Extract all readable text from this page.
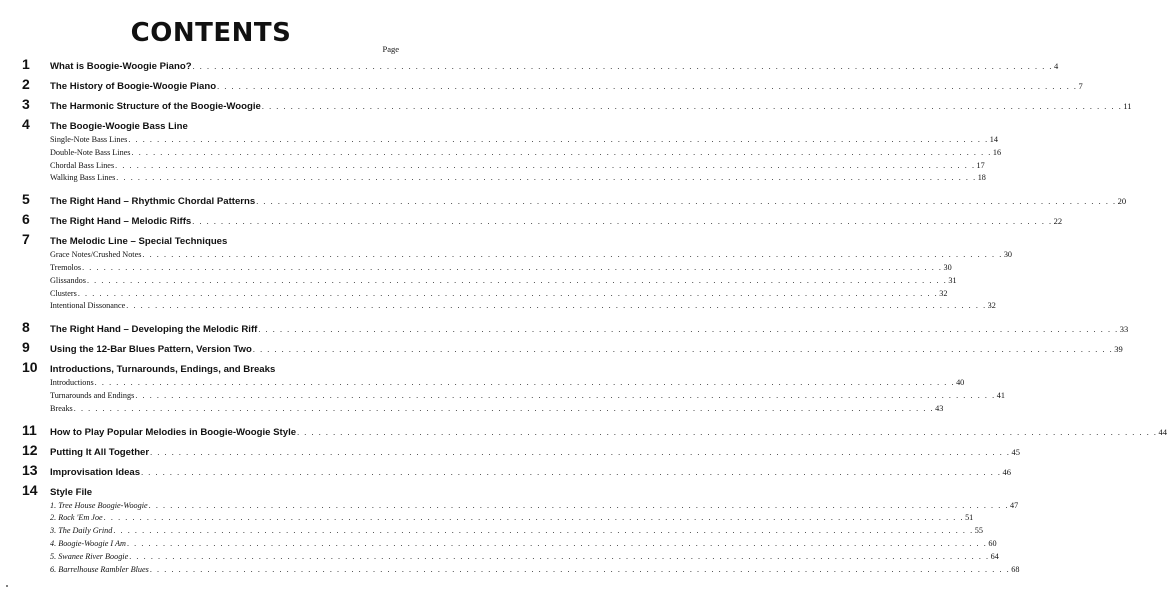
CONTENTS
Page
1	What is Boogie-Woogie Piano? . . . . . . . . . . . . . . . . . . . . . . . . . . . . . . . . . . . . . . . . . . . . . . . . . . . . . . . . . . . . . . . . . . . . . . . . . . . . . . . . . . . . . . . . . . . . . . . . . . . . . . . . . . . . . . . . . . . . . . . . 4
2	The History of Boogie-Woogie Piano . . . . . . . . . . . . . . . . . . . . . . . . . . . . . . . . . . . . . . . . . . . . . . . . . . . . . . . . . . . . . . . . . . . . . . . . . . . . . . . . . . . . . . . . . . . . . . . . . . . . . . . . . . . . . . . . . . . . . . . . 7
3	The Harmonic Structure of the Boogie-Woogie . . . . . . . . . . . . . . . . . . . . . . . . . . . . . . . . . . . . . . . . . . . . . . . . . . . . . . . . . . . . . . . . . . . . . . . . . . . . . . . . . . . . . . . . . . . . . . . . . . . . . . . . . . . . . . . . . . . . . . . . 11
4	The Boogie-Woogie Bass Line
Single-Note Bass Lines . . . . . . . . . . . . . . . . . . . . . . . . . . . . . . . . . . . . . . . . . . . . . . . . . . . . . . . . . . . . . . . . . . . . . . . . . . . . . . . . . . . . . . . . . . . . . . . . . . . . . . . . . . . . . . . . . . . . . . . . 14
Double-Note Bass Lines . . . . . . . . . . . . . . . . . . . . . . . . . . . . . . . . . . . . . . . . . . . . . . . . . . . . . . . . . . . . . . . . . . . . . . . . . . . . . . . . . . . . . . . . . . . . . . . . . . . . . . . . . . . . . . . . . . . . . . . . 16
Chordal Bass Lines . . . . . . . . . . . . . . . . . . . . . . . . . . . . . . . . . . . . . . . . . . . . . . . . . . . . . . . . . . . . . . . . . . . . . . . . . . . . . . . . . . . . . . . . . . . . . . . . . . . . . . . . . . . . . . . . . . . . . . . . 17
Walking Bass Lines . . . . . . . . . . . . . . . . . . . . . . . . . . . . . . . . . . . . . . . . . . . . . . . . . . . . . . . . . . . . . . . . . . . . . . . . . . . . . . . . . . . . . . . . . . . . . . . . . . . . . . . . . . . . . . . . . . . . . . . . 18
5	The Right Hand – Rhythmic Chordal Patterns . . . . . . . . . . . . . . . . . . . . . . . . . . . . . . . . . . . . . . . . . . . . . . . . . . . . . . . . . . . . . . . . . . . . . . . . . . . . . . . . . . . . . . . . . . . . . . . . . . . . . . . . . . . . . . . . . . . . . . . . 20
6	The Right Hand – Melodic Riffs . . . . . . . . . . . . . . . . . . . . . . . . . . . . . . . . . . . . . . . . . . . . . . . . . . . . . . . . . . . . . . . . . . . . . . . . . . . . . . . . . . . . . . . . . . . . . . . . . . . . . . . . . . . . . . . . . . . . . . . . 22
7	The Melodic Line – Special Techniques
Grace Notes/Crushed Notes . . . . . . . . . . . . . . . . . . . . . . . . . . . . . . . . . . . . . . . . . . . . . . . . . . . . . . . . . . . . . . . . . . . . . . . . . . . . . . . . . . . . . . . . . . . . . . . . . . . . . . . . . . . . . . . . . . . . . . . . 30
Tremolos . . . . . . . . . . . . . . . . . . . . . . . . . . . . . . . . . . . . . . . . . . . . . . . . . . . . . . . . . . . . . . . . . . . . . . . . . . . . . . . . . . . . . . . . . . . . . . . . . . . . . . . . . . . . . . . . . . . . . . . . 30
Glissandos . . . . . . . . . . . . . . . . . . . . . . . . . . . . . . . . . . . . . . . . . . . . . . . . . . . . . . . . . . . . . . . . . . . . . . . . . . . . . . . . . . . . . . . . . . . . . . . . . . . . . . . . . . . . . . . . . . . . . . . . 31
Clusters . . . . . . . . . . . . . . . . . . . . . . . . . . . . . . . . . . . . . . . . . . . . . . . . . . . . . . . . . . . . . . . . . . . . . . . . . . . . . . . . . . . . . . . . . . . . . . . . . . . . . . . . . . . . . . . . . . . . . . . . 32
Intentional Dissonance . . . . . . . . . . . . . . . . . . . . . . . . . . . . . . . . . . . . . . . . . . . . . . . . . . . . . . . . . . . . . . . . . . . . . . . . . . . . . . . . . . . . . . . . . . . . . . . . . . . . . . . . . . . . . . . . . . . . . . . . 32
8	The Right Hand – Developing the Melodic Riff . . . . . . . . . . . . . . . . . . . . . . . . . . . . . . . . . . . . . . . . . . . . . . . . . . . . . . . . . . . . . . . . . . . . . . . . . . . . . . . . . . . . . . . . . . . . . . . . . . . . . . . . . . . . . . . . . . . . . . . . 33
9	Using the 12-Bar Blues Pattern, Version Two . . . . . . . . . . . . . . . . . . . . . . . . . . . . . . . . . . . . . . . . . . . . . . . . . . . . . . . . . . . . . . . . . . . . . . . . . . . . . . . . . . . . . . . . . . . . . . . . . . . . . . . . . . . . . . . . . . . . . . . . 39
10	Introductions, Turnarounds, Endings, and Breaks
Introductions . . . . . . . . . . . . . . . . . . . . . . . . . . . . . . . . . . . . . . . . . . . . . . . . . . . . . . . . . . . . . . . . . . . . . . . . . . . . . . . . . . . . . . . . . . . . . . . . . . . . . . . . . . . . . . . . . . . . . . . . 40
Turnarounds and Endings . . . . . . . . . . . . . . . . . . . . . . . . . . . . . . . . . . . . . . . . . . . . . . . . . . . . . . . . . . . . . . . . . . . . . . . . . . . . . . . . . . . . . . . . . . . . . . . . . . . . . . . . . . . . . . . . . . . . . . . . 41
Breaks . . . . . . . . . . . . . . . . . . . . . . . . . . . . . . . . . . . . . . . . . . . . . . . . . . . . . . . . . . . . . . . . . . . . . . . . . . . . . . . . . . . . . . . . . . . . . . . . . . . . . . . . . . . . . . . . . . . . . . . . 43
11	How to Play Popular Melodies in Boogie-Woogie Style . . . . . . . . . . . . . . . . . . . . . . . . . . . . . . . . . . . . . . . . . . . . . . . . . . . . . . . . . . . . . . . . . . . . . . . . . . . . . . . . . . . . . . . . . . . . . . . . . . . . . . . . . . . . . . . . . . . . . . . . 44
12	Putting It All Together . . . . . . . . . . . . . . . . . . . . . . . . . . . . . . . . . . . . . . . . . . . . . . . . . . . . . . . . . . . . . . . . . . . . . . . . . . . . . . . . . . . . . . . . . . . . . . . . . . . . . . . . . . . . . . . . . . . . . . . . 45
13	Improvisation Ideas . . . . . . . . . . . . . . . . . . . . . . . . . . . . . . . . . . . . . . . . . . . . . . . . . . . . . . . . . . . . . . . . . . . . . . . . . . . . . . . . . . . . . . . . . . . . . . . . . . . . . . . . . . . . . . . . . . . . . . . . 46
14	Style File
1. Tree House Boogie-Woogie . . . . . . . . . . . . . . . . . . . . . . . . . . . . . . . . . . . . . . . . . . . . . . . . . . . . . . . . . . . . . . . . . . . . . . . . . . . . . . . . . . . . . . . . . . . . . . . . . . . . . . . . . . . . . . . . . . . . . . . . 47
2. Rock 'Em Joe . . . . . . . . . . . . . . . . . . . . . . . . . . . . . . . . . . . . . . . . . . . . . . . . . . . . . . . . . . . . . . . . . . . . . . . . . . . . . . . . . . . . . . . . . . . . . . . . . . . . . . . . . . . . . . . . . . . . . . . . 51
3. The Daily Grind . . . . . . . . . . . . . . . . . . . . . . . . . . . . . . . . . . . . . . . . . . . . . . . . . . . . . . . . . . . . . . . . . . . . . . . . . . . . . . . . . . . . . . . . . . . . . . . . . . . . . . . . . . . . . . . . . . . . . . . . 55
4. Boogie-Woogie I Am . . . . . . . . . . . . . . . . . . . . . . . . . . . . . . . . . . . . . . . . . . . . . . . . . . . . . . . . . . . . . . . . . . . . . . . . . . . . . . . . . . . . . . . . . . . . . . . . . . . . . . . . . . . . . . . . . . . . . . . . 60
5. Swanee River Boogie . . . . . . . . . . . . . . . . . . . . . . . . . . . . . . . . . . . . . . . . . . . . . . . . . . . . . . . . . . . . . . . . . . . . . . . . . . . . . . . . . . . . . . . . . . . . . . . . . . . . . . . . . . . . . . . . . . . . . . . . 64
6. Barrelhouse Rambler Blues . . . . . . . . . . . . . . . . . . . . . . . . . . . . . . . . . . . . . . . . . . . . . . . . . . . . . . . . . . . . . . . . . . . . . . . . . . . . . . . . . . . . . . . . . . . . . . . . . . . . . . . . . . . . . . . . . . . . . . . . 68
